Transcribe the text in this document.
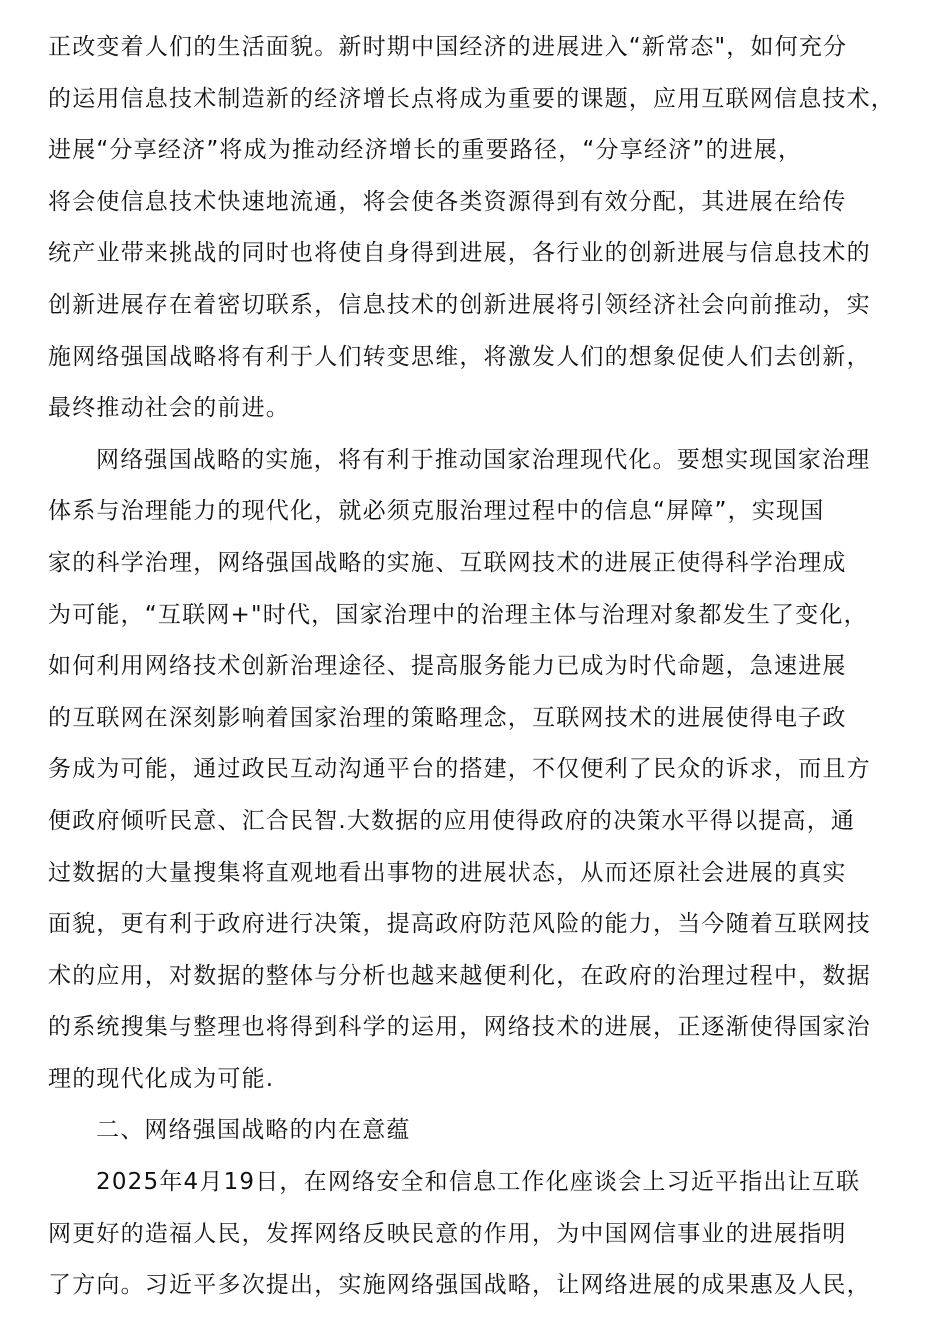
正改变着人们的生活面貌。新时期中国经济的进展进入“新常态"，如何充分
的运用信息技术制造新的经济增长点将成为重要的课题，应用互联网信息技术，
进展“分享经济”将成为推动经济增长的重要路径，“分享经济”的进展，
将会使信息技术快速地流通，将会使各类资源得到有效分配，其进展在给传
统产业带来挑战的同时也将使自身得到进展，各行业的创新进展与信息技术的
创新进展存在着密切联系，信息技术的创新进展将引领经济社会向前推动，实
施网络强国战略将有利于人们转变思维，将激发人们的想象促使人们去创新，
最终推动社会的前进。
网络强国战略的实施，将有利于推动国家治理现代化。要想实现国家治理
体系与治理能力的现代化，就必须克服治理过程中的信息“屏障”，实现国
家的科学治理，网络强国战略的实施、互联网技术的进展正使得科学治理成
为可能，“互联网+"时代，国家治理中的治理主体与治理对象都发生了变化，
如何利用网络技术创新治理途径、提高服务能力已成为时代命题，急速进展
的互联网在深刻影响着国家治理的策略理念，互联网技术的进展使得电子政
务成为可能，通过政民互动沟通平台的搭建，不仅便利了民众的诉求，而且方
便政府倾听民意、汇合民智.大数据的应用使得政府的决策水平得以提高，通
过数据的大量搜集将直观地看出事物的进展状态，从而还原社会进展的真实
面貌，更有利于政府进行决策，提高政府防范风险的能力，当今随着互联网技
术的应用，对数据的整体与分析也越来越便利化，在政府的治理过程中，数据
的系统搜集与整理也将得到科学的运用，网络技术的进展，正逐渐使得国家治
理的现代化成为可能.
二、网络强国战略的内在意蕴
2025年4月19日，在网络安全和信息工作化座谈会上习近平指出让互联
网更好的造福人民，发挥网络反映民意的作用，为中国网信事业的进展指明
了方向。习近平多次提出，实施网络强国战略，让网络进展的成果惠及人民，
